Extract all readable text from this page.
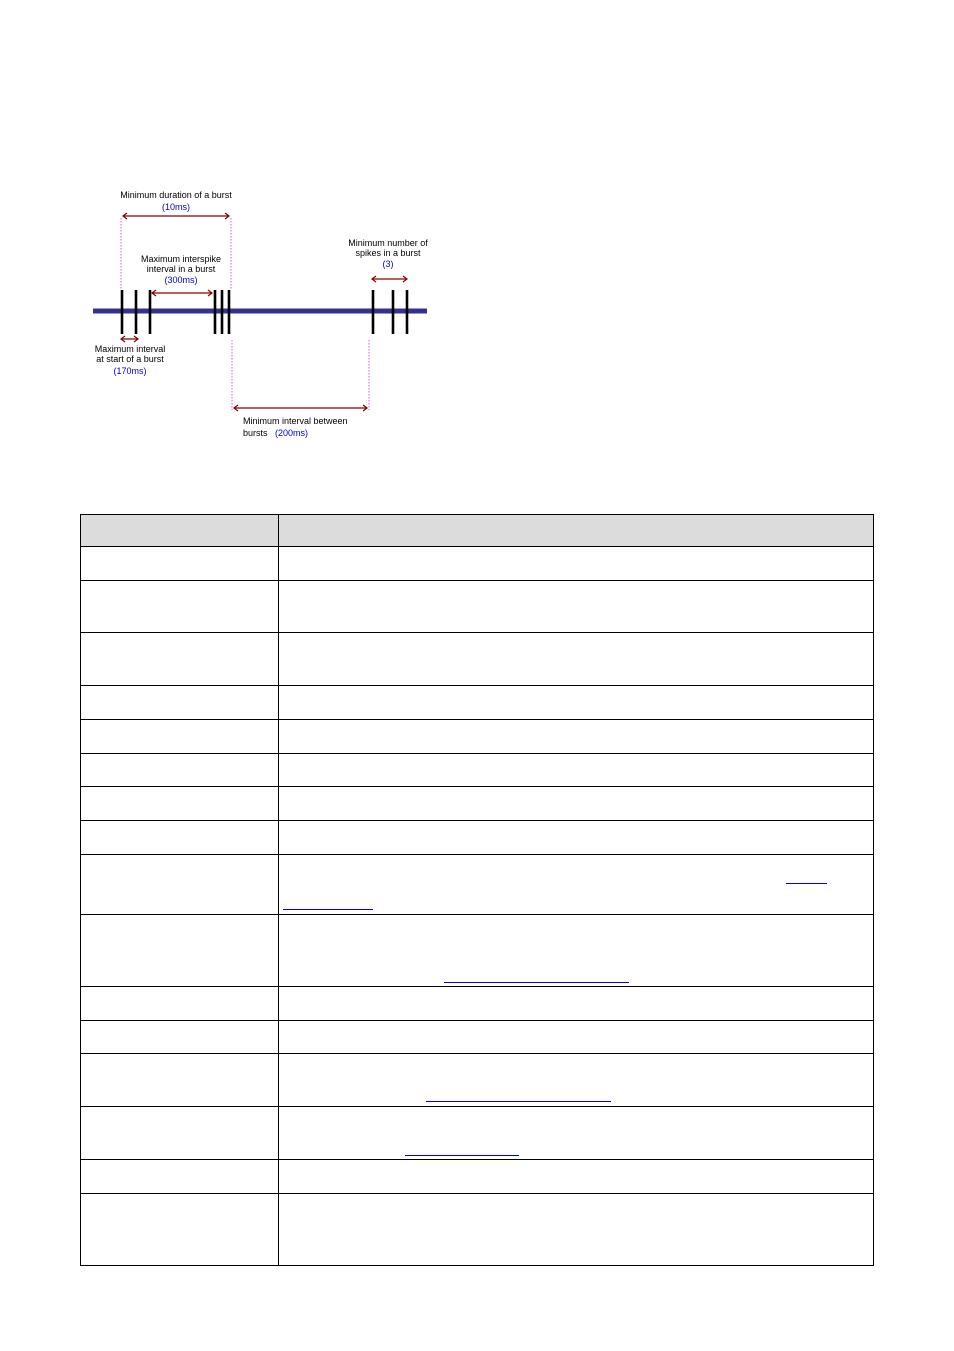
Minimum duration of a burst
(10ms)
Maximum interspike
interval in a burst
(300ms)
Minimum number of
spikes in a burst
(3)
Maximum interval
at start of a burst
(170ms)
Minimum interval between
bursts (200ms)
